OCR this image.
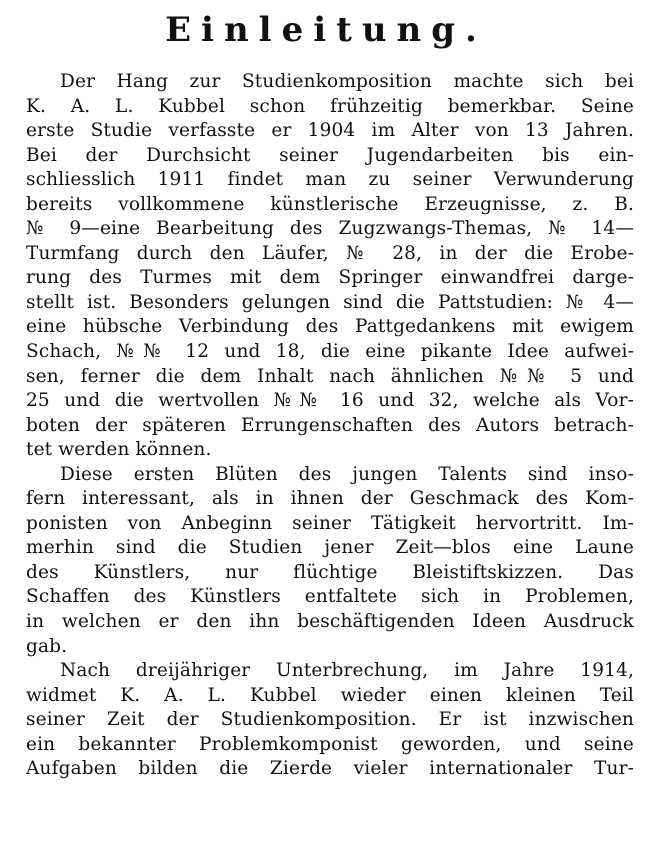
Einleitung.
Der Hang zur Studienkomposition machte sich bei
K. A. L. Kubbel schon frühzeitig bemerkbar. Seine
erste Studie verfasste er 1904 im Alter von 13 Jahren.
Bei der Durchsicht seiner Jugendarbeiten bis ein-
schliesslich 1911 findet man zu seiner Verwunderung
bereits vollkommene künstlerische Erzeugnisse, z. B.
№ 9—eine Bearbeitung des Zugzwangs-Themas, № 14—
Turmfang durch den Läufer, № 28, in der die Erobe-
rung des Turmes mit dem Springer einwandfrei darge-
stellt ist. Besonders gelungen sind die Pattstudien: № 4—
eine hübsche Verbindung des Pattgedankens mit ewigem
Schach, №№ 12 und 18, die eine pikante Idee aufwei-
sen, ferner die dem Inhalt nach ähnlichen №№ 5 und
25 und die wertvollen №№ 16 und 32, welche als Vor-
boten der späteren Errungenschaften des Autors betrach-
tet werden können.
Diese ersten Blüten des jungen Talents sind inso-
fern interessant, als in ihnen der Geschmack des Kom-
ponisten von Anbeginn seiner Tätigkeit hervortritt. Im-
merhin sind die Studien jener Zeit—blos eine Laune
des Künstlers, nur flüchtige Bleistiftskizzen. Das
Schaffen des Künstlers entfaltete sich in Problemen,
in welchen er den ihn beschäftigenden Ideen Ausdruck
gab.
Nach dreijähriger Unterbrechung, im Jahre 1914,
widmet K. A. L. Kubbel wieder einen kleinen Teil
seiner Zeit der Studienkomposition. Er ist inzwischen
ein bekannter Problemkomponist geworden, und seine
Aufgaben bilden die Zierde vieler internationaler Tur-
